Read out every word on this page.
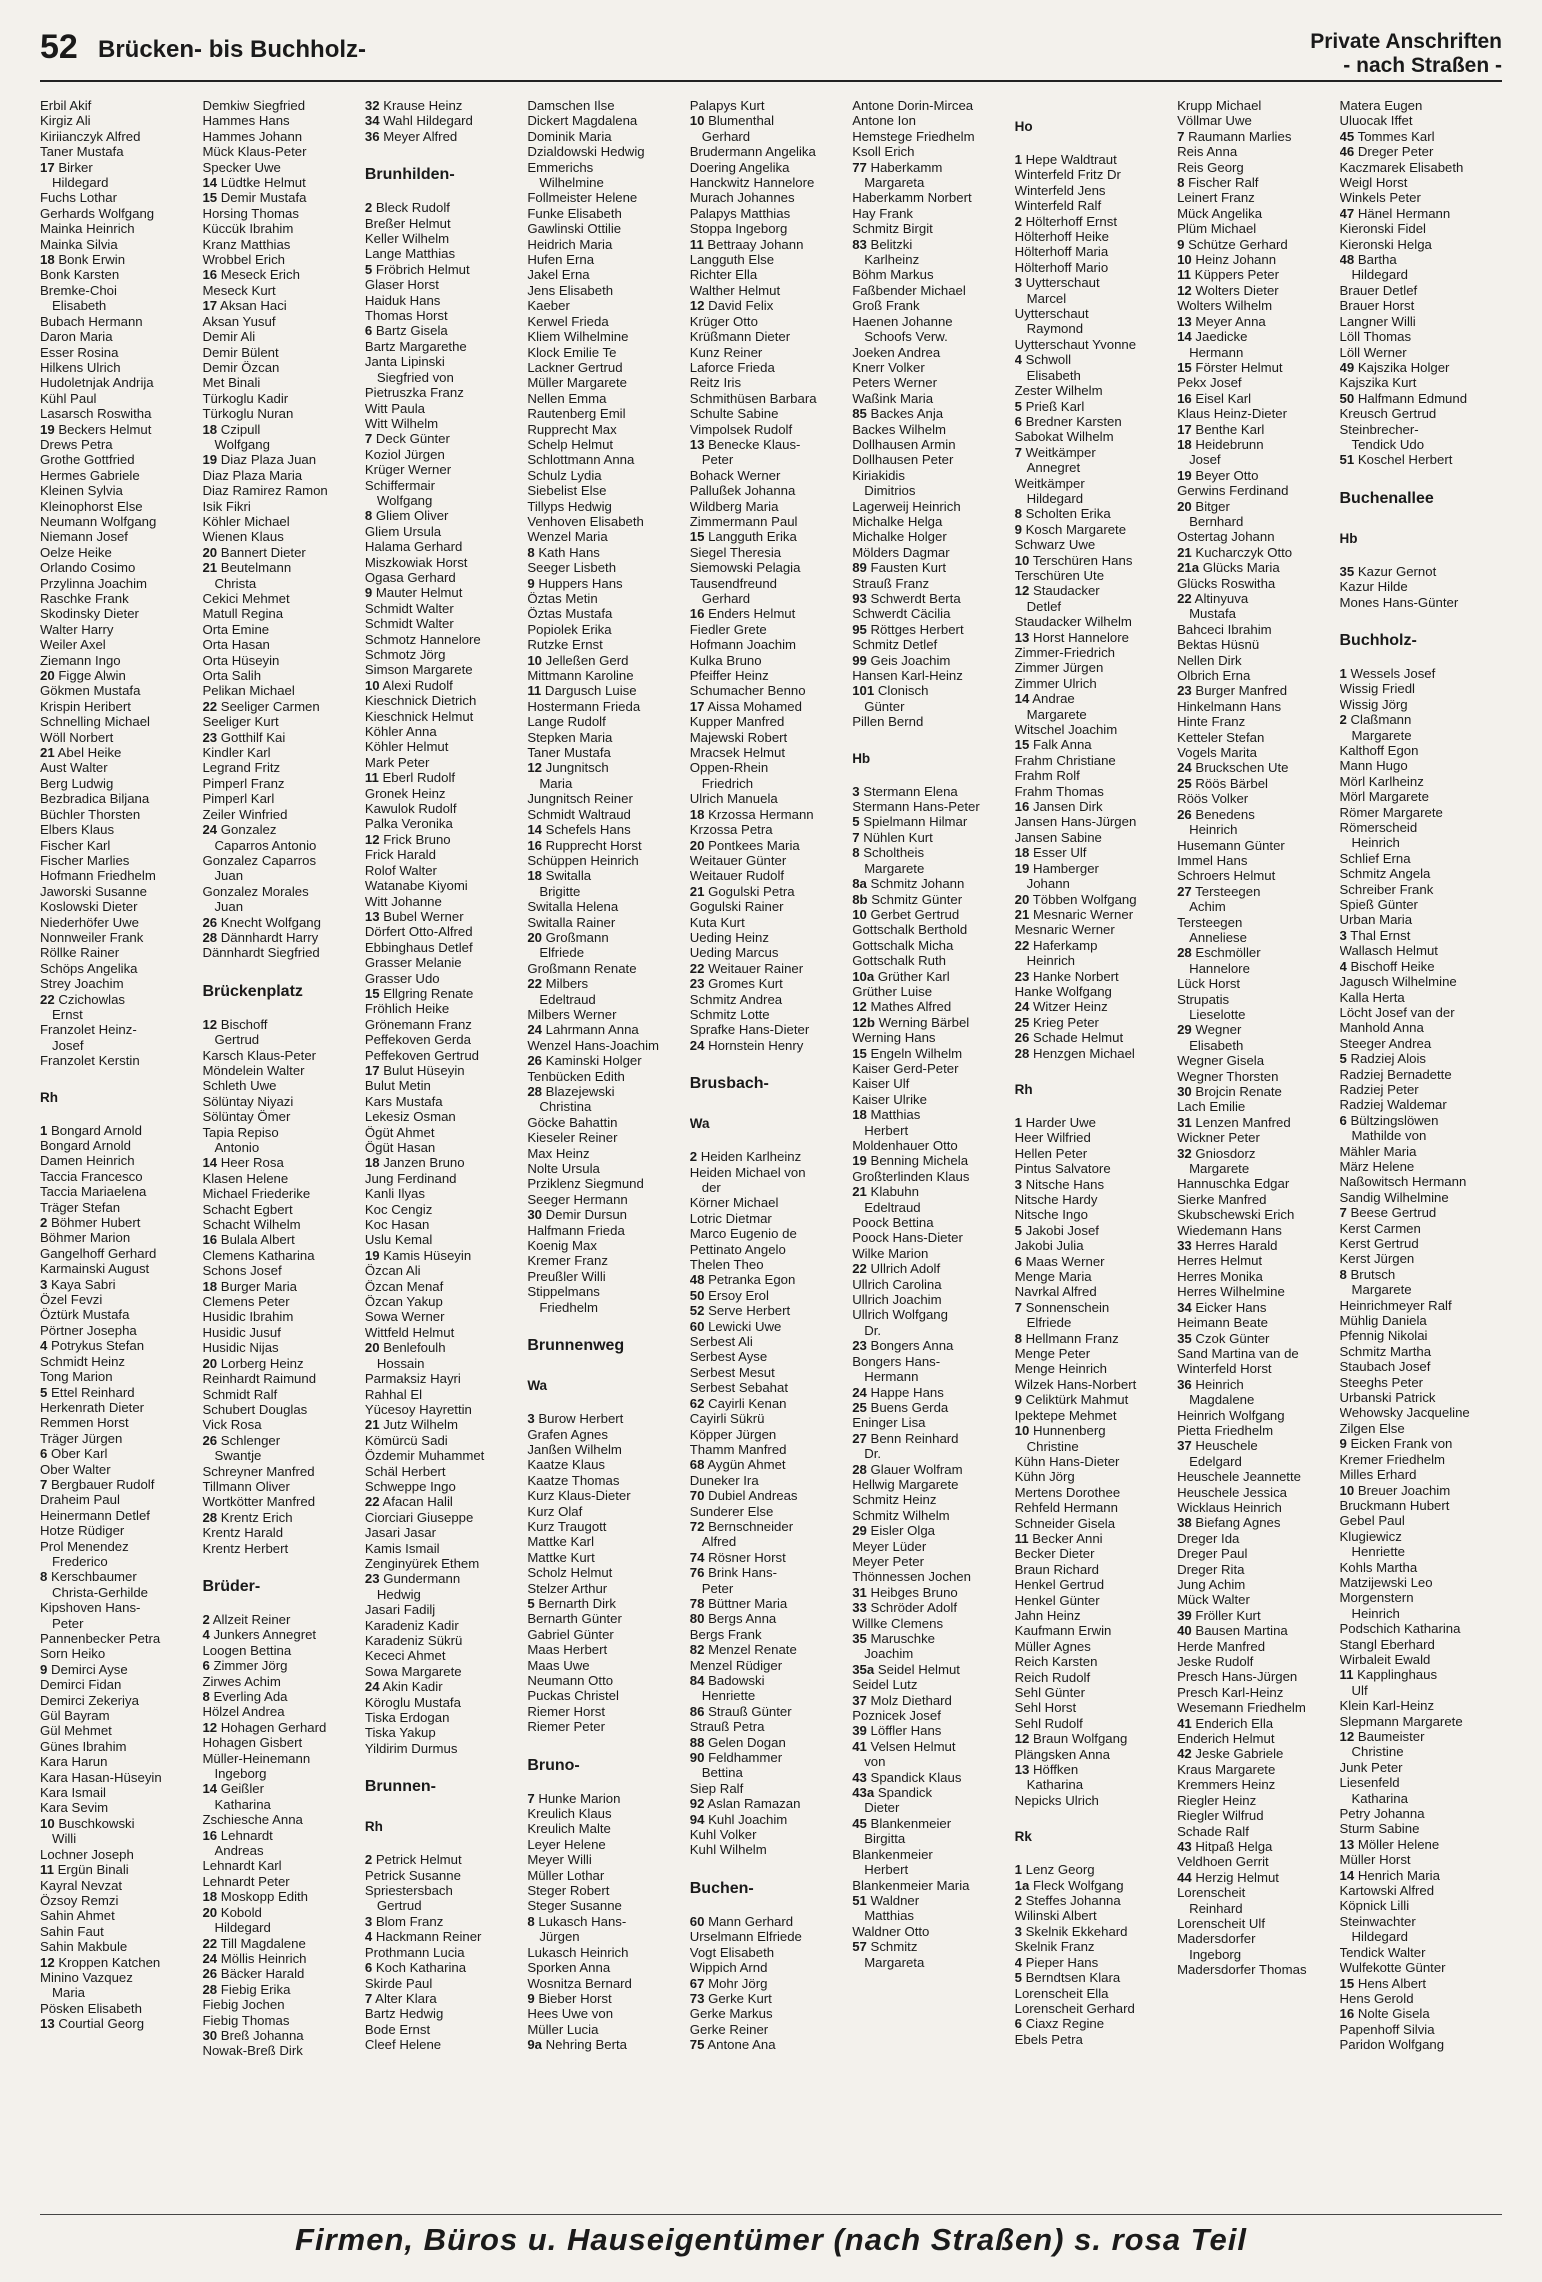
52 Brücken- bis Buchholz-	Private Anschriften
- nach Straßen -
Erbil Akif
Kirgiz Ali
Kiriianczyk Alfred
Taner Mustafa
17 Birker
Hildegard
Fuchs Lothar
Gerhards Wolfgang
Mainka Heinrich
Mainka Silvia
18 Bonk Erwin
Bonk Karsten
Bremke-Choi
Elisabeth
Bubach Hermann
Daron Maria
Esser Rosina
Hilkens Ulrich
Hudoletnjak Andrija
Kühl Paul
Lasarsch Roswitha
19 Beckers Helmut
Drews Petra
Grothe Gottfried
Hermes Gabriele
Kleinen Sylvia
Kleinophorst Else
Neumann Wolfgang
Niemann Josef
Oelze Heike
Orlando Cosimo
Przylinna Joachim
Raschke Frank
Skodinsky Dieter
Walter Harry
Weiler Axel
Ziemann Ingo
20 Figge Alwin
Gökmen Mustafa
Krispin Heribert
Schnelling Michael
Wöll Norbert
21 Abel Heike
Aust Walter
Berg Ludwig
Bezbradica Biljana
Büchler Thorsten
Elbers Klaus
Fischer Karl
Fischer Marlies
Hofmann Friedhelm
Jaworski Susanne
Koslowski Dieter
Niederhöfer Uwe
Nonnweiler Frank
Röllke Rainer
Schöps Angelika
Strey Joachim
22 Czichowlas
Ernst
Franzolet Heinz-
Josef
Franzolet Kerstin
Rh
1 Bongard Arnold
Bongard Arnold
Damen Heinrich
Taccia Francesco
Taccia Mariaelena
Träger Stefan
2 Böhmer Hubert
Böhmer Marion
Gangelhoff Gerhard
Karmainski August
3 Kaya Sabri
Özel Fevzi
Öztürk Mustafa
Pörtner Josepha
4 Potrykus Stefan
Schmidt Heinz
Tong Marion
5 Ettel Reinhard
Herkenrath Dieter
Remmen Horst
Träger Jürgen
6 Ober Karl
Ober Walter
7 Bergbauer Rudolf
Draheim Paul
Heinermann Detlef
Hotze Rüdiger
Prol Menendez
Frederico
8 Kerschbaumer
Christa-Gerhilde
Kipshoven Hans-
Peter
Pannenbecker Petra
Sorn Heiko
9 Demirci Ayse
Demirci Fidan
Demirci Zekeriya
Gül Bayram
Gül Mehmet
Günes Ibrahim
Kara Harun
Kara Hasan-Hüseyin
Kara Ismail
Kara Sevim
10 Buschkowski
Willi
Lochner Joseph
11 Ergün Binali
Kayral Nevzat
Özsoy Remzi
Sahin Ahmet
Sahin Faut
Sahin Makbule
12 Kroppen Katchen
Minino Vazquez
Maria
Pösken Elisabeth
13 Courtial Georg
Demkiw Siegfried
Hammes Hans
Hammes Johann
Mück Klaus-Peter
Specker Uwe
14 Lüdtke Helmut
15 Demir Mustafa
Horsing Thomas
Küccük Ibrahim
Kranz Matthias
Wrobbel Erich
16 Meseck Erich
Meseck Kurt
17 Aksan Haci
Aksan Yusuf
Demir Ali
Demir Bülent
Demir Özcan
Met Binali
Türkoglu Kadir
Türkoglu Nuran
18 Czipull
Wolfgang
19 Diaz Plaza Juan
Diaz Plaza Maria
Diaz Ramirez Ramon
Isik Fikri
Köhler Michael
Wienen Klaus
20 Bannert Dieter
21 Beutelmann
Christa
Cekici Mehmet
Matull Regina
Orta Emine
Orta Hasan
Orta Hüseyin
Orta Salih
Pelikan Michael
22 Seeliger Carmen
Seeliger Kurt
23 Gotthilf Kai
Kindler Karl
Legrand Fritz
Pimperl Franz
Pimperl Karl
Zeiler Winfried
24 Gonzalez
Caparros Antonio
Gonzalez Caparros
Juan
Gonzalez Morales
Juan
26 Knecht Wolfgang
28 Dännhardt Harry
Dännhardt Siegfried
Brückenplatz
12 Bischoff
Gertrud
Karsch Klaus-Peter
Möndelein Walter
Schleth Uwe
Sölüntay Niyazi
Sölüntay Ömer
Tapia Repiso
Antonio
14 Heer Rosa
Klasen Helene
Michael Friederike
Schacht Egbert
Schacht Wilhelm
16 Bulala Albert
Clemens Katharina
Schons Josef
18 Burger Maria
Clemens Peter
Husidic Ibrahim
Husidic Jusuf
Husidic Nijas
20 Lorberg Heinz
Reinhardt Raimund
Schmidt Ralf
Schubert Douglas
Vick Rosa
26 Schlenger
Swantje
Schreyner Manfred
Tillmann Oliver
Wortkötter Manfred
28 Krentz Erich
Krentz Harald
Krentz Herbert
Brüder-
2 Allzeit Reiner
4 Junkers Annegret
Loogen Bettina
6 Zimmer Jörg
Zirwes Achim
8 Everling Ada
Hölzel Andrea
12 Hohagen Gerhard
Hohagen Gisbert
Müller-Heinemann
Ingeborg
14 Geißler
Katharina
Zschiesche Anna
16 Lehnardt
Andreas
Lehnardt Karl
Lehnardt Peter
18 Moskopp Edith
20 Kobold
Hildegard
22 Till Magdalene
24 Möllis Heinrich
26 Bäcker Harald
28 Fiebig Erika
Fiebig Jochen
Fiebig Thomas
30 Breß Johanna
Nowak-Breß Dirk
32 Krause Heinz
34 Wahl Hildegard
36 Meyer Alfred
Brunhilden-
2 Bleck Rudolf
Breßer Helmut
Keller Wilhelm
Lange Matthias
5 Fröbrich Helmut
Glaser Horst
Haiduk Hans
Thomas Horst
6 Bartz Gisela
Bartz Margarethe
Janta Lipinski
Siegfried von
Pietruszka Franz
Witt Paula
Witt Wilhelm
7 Deck Günter
Koziol Jürgen
Krüger Werner
Schiffermair
Wolfgang
8 Gliem Oliver
Gliem Ursula
Halama Gerhard
Miszkowiak Horst
Ogasa Gerhard
9 Mauter Helmut
Schmidt Walter
Schmidt Walter
Schmotz Hannelore
Schmotz Jörg
Simson Margarete
10 Alexi Rudolf
Kieschnick Dietrich
Kieschnick Helmut
Köhler Anna
Köhler Helmut
Mark Peter
11 Eberl Rudolf
Gronek Heinz
Kawulok Rudolf
Palka Veronika
12 Frick Bruno
Frick Harald
Rolof Walter
Watanabe Kiyomi
Witt Johanne
13 Bubel Werner
Dörfert Otto-Alfred
Ebbinghaus Detlef
Grasser Melanie
Grasser Udo
15 Ellgring Renate
Fröhlich Heike
Grönemann Franz
Peffekoven Gerda
Peffekoven Gertrud
17 Bulut Hüseyin
Bulut Metin
Kars Mustafa
Lekesiz Osman
Ögüt Ahmet
Ögüt Hasan
18 Janzen Bruno
Jung Ferdinand
Kanli Ilyas
Koc Cengiz
Koc Hasan
Uslu Kemal
19 Kamis Hüseyin
Özcan Ali
Özcan Menaf
Özcan Yakup
Sowa Werner
Wittfeld Helmut
20 Benlefoulh
Hossain
Parmaksiz Hayri
Rahhal El
Yücesoy Hayrettin
21 Jutz Wilhelm
Kömürcü Sadi
Özdemir Muhammet
Schäl Herbert
Schweppe Ingo
22 Afacan Halil
Ciorciari Giuseppe
Jasari Jasar
Kamis Ismail
Zenginyürek Ethem
23 Gundermann
Hedwig
Jasari Fadilj
Karadeniz Kadir
Karadeniz Sükrü
Kececi Ahmet
Sowa Margarete
24 Akin Kadir
Köroglu Mustafa
Tiska Erdogan
Tiska Yakup
Yildirim Durmus
Brunnen-
Rh
2 Petrick Helmut
Petrick Susanne
Spriestersbach
Gertrud
3 Blom Franz
4 Hackmann Reiner
Prothmann Lucia
6 Koch Katharina
Skirde Paul
7 Alter Klara
Bartz Hedwig
Bode Ernst
Cleef Helene
Damschen Ilse
Dickert Magdalena
Dominik Maria
Dzialdowski Hedwig
Emmerichs
Wilhelmine
Follmeister Helene
Funke Elisabeth
Gawlinski Ottilie
Heidrich Maria
Hufen Erna
Jakel Erna
Jens Elisabeth
Kaeber
Kerwel Frieda
Kliem Wilhelmine
Klock Emilie Te
Lackner Gertrud
Müller Margarete
Nellen Emma
Rautenberg Emil
Rupprecht Max
Schelp Helmut
Schlottmann Anna
Schulz Lydia
Siebelist Else
Tillyps Hedwig
Venhoven Elisabeth
Wenzel Maria
8 Kath Hans
Seeger Lisbeth
9 Huppers Hans
Öztas Metin
Öztas Mustafa
Popiolek Erika
Rutzke Ernst
10 Jelleßen Gerd
Mittmann Karoline
11 Dargusch Luise
Hostermann Frieda
Lange Rudolf
Stepken Maria
Taner Mustafa
12 Jungnitsch
Maria
Jungnitsch Reiner
Schmidt Waltraud
14 Schefels Hans
16 Rupprecht Horst
Schüppen Heinrich
18 Switalla
Brigitte
Switalla Helena
Switalla Rainer
20 Großmann
Elfriede
Großmann Renate
22 Milbers
Edeltraud
Milbers Werner
24 Lahrmann Anna
Wenzel Hans-Joachim
26 Kaminski Holger
Tenbücken Edith
28 Blazejewski
Christina
Göcke Bahattin
Kieseler Reiner
Max Heinz
Nolte Ursula
Prziklenz Siegmund
Seeger Hermann
30 Demir Dursun
Halfmann Frieda
Koenig Max
Kremer Franz
Preußler Willi
Stippelmans
Friedhelm
Brunnenweg
Wa
3 Burow Herbert
Grafen Agnes
Janßen Wilhelm
Kaatze Klaus
Kaatze Thomas
Kurz Klaus-Dieter
Kurz Olaf
Kurz Traugott
Mattke Karl
Mattke Kurt
Scholz Helmut
Stelzer Arthur
5 Bernarth Dirk
Bernarth Günter
Gabriel Günter
Maas Herbert
Maas Uwe
Neumann Otto
Puckas Christel
Riemer Horst
Riemer Peter
Bruno-
7 Hunke Marion
Kreulich Klaus
Kreulich Malte
Leyer Helene
Meyer Willi
Müller Lothar
Steger Robert
Steger Susanne
8 Lukasch Hans-
Jürgen
Lukasch Heinrich
Sporken Anna
Wosnitza Bernard
9 Bieber Horst
Hees Uwe von
Müller Lucia
9a Nehring Berta
Palapys Kurt
10 Blumenthal
Gerhard
Brudermann Angelika
Doering Angelika
Hanckwitz Hannelore
Murach Johannes
Palapys Matthias
Stoppa Ingeborg
11 Bettraay Johann
Langguth Else
Richter Ella
Walther Helmut
12 David Felix
Krüger Otto
Krüßmann Dieter
Kunz Reiner
Laforce Frieda
Reitz Iris
Schmithüsen Barbara
Schulte Sabine
Vimpolsek Rudolf
13 Benecke Klaus-
Peter
Bohack Werner
Pallußek Johanna
Wildberg Maria
Zimmermann Paul
15 Langguth Erika
Siegel Theresia
Siemowski Pelagia
Tausendfreund
Gerhard
16 Enders Helmut
Fiedler Grete
Hofmann Joachim
Kulka Bruno
Pfeiffer Heinz
Schumacher Benno
17 Aissa Mohamed
Kupper Manfred
Majewski Robert
Mracsek Helmut
Oppen-Rhein
Friedrich
Ulrich Manuela
18 Krzossa Hermann
Krzossa Petra
20 Pontkees Maria
Weitauer Günter
Weitauer Rudolf
21 Gogulski Petra
Gogulski Rainer
Kuta Kurt
Ueding Heinz
Ueding Marcus
22 Weitauer Rainer
23 Gromes Kurt
Schmitz Andrea
Schmitz Lotte
Sprafke Hans-Dieter
24 Hornstein Henry
Brusbach-
Wa
2 Heiden Karlheinz
Heiden Michael von
der
Körner Michael
Lotric Dietmar
Marco Eugenio de
Pettinato Angelo
Thelen Theo
48 Petranka Egon
50 Ersoy Erol
52 Serve Herbert
60 Lewicki Uwe
Serbest Ali
Serbest Ayse
Serbest Mesut
Serbest Sebahat
62 Cayirli Kenan
Cayirli Sükrü
Köpper Jürgen
Thamm Manfred
68 Aygün Ahmet
Duneker Ira
70 Dubiel Andreas
Sunderer Else
72 Bernschneider
Alfred
74 Rösner Horst
76 Brink Hans-
Peter
78 Büttner Maria
80 Bergs Anna
Bergs Frank
82 Menzel Renate
Menzel Rüdiger
84 Badowski
Henriette
86 Strauß Günter
Strauß Petra
88 Gelen Dogan
90 Feldhammer
Bettina
Siep Ralf
92 Aslan Ramazan
94 Kuhl Joachim
Kuhl Volker
Kuhl Wilhelm
Buchen-
60 Mann Gerhard
Urselmann Elfriede
Vogt Elisabeth
Wippich Arnd
67 Mohr Jörg
73 Gerke Kurt
Gerke Markus
Gerke Reiner
75 Antone Ana
Antone Dorin-Mircea
Antone Ion
Hemstege Friedhelm
Ksoll Erich
77 Haberkamm
Margareta
Haberkamm Norbert
Hay Frank
Schmitz Birgit
83 Belitzki
Karlheinz
Böhm Markus
Faßbender Michael
Groß Frank
Haenen Johanne
Schoofs Verw.
Joeken Andrea
Knerr Volker
Peters Werner
Waßink Maria
85 Backes Anja
Backes Wilhelm
Dollhausen Armin
Dollhausen Peter
Kiriakidis
Dimitrios
Lagerweij Heinrich
Michalke Helga
Michalke Holger
Mölders Dagmar
89 Fausten Kurt
Strauß Franz
93 Schwerdt Berta
Schwerdt Cäcilia
95 Röttges Herbert
Schmitz Detlef
99 Geis Joachim
Hansen Karl-Heinz
101 Clonisch
Günter
Pillen Bernd
Hb
3 Stermann Elena
Stermann Hans-Peter
5 Spielmann Hilmar
7 Nühlen Kurt
8 Scholtheis
Margarete
8a Schmitz Johann
8b Schmitz Günter
10 Gerbet Gertrud
Gottschalk Berthold
Gottschalk Micha
Gottschalk Ruth
10a Grüther Karl
Grüther Luise
12 Mathes Alfred
12b Werning Bärbel
Werning Hans
15 Engeln Wilhelm
Kaiser Gerd-Peter
Kaiser Ulf
Kaiser Ulrike
18 Matthias
Herbert
Moldenhauer Otto
19 Benning Michela
Großterlinden Klaus
21 Klabuhn
Edeltraud
Poock Bettina
Poock Hans-Dieter
Wilke Marion
22 Ullrich Adolf
Ullrich Carolina
Ullrich Joachim
Ullrich Wolfgang
Dr.
23 Bongers Anna
Bongers Hans-
Hermann
24 Happe Hans
25 Buens Gerda
Eninger Lisa
27 Benn Reinhard
Dr.
28 Glauer Wolfram
Hellwig Margarete
Schmitz Heinz
Schmitz Wilhelm
29 Eisler Olga
Meyer Lüder
Meyer Peter
Thönnessen Jochen
31 Heibges Bruno
33 Schröder Adolf
Willke Clemens
35 Maruschke
Joachim
35a Seidel Helmut
Seidel Lutz
37 Molz Diethard
Poznicek Josef
39 Löffler Hans
41 Velsen Helmut
von
43 Spandick Klaus
43a Spandick
Dieter
45 Blankenmeier
Birgitta
Blankenmeier
Herbert
Blankenmeier Maria
51 Waldner
Matthias
Waldner Otto
57 Schmitz
Margareta
Ho
1 Hepe Waldtraut
Winterfeld Fritz Dr
Winterfeld Jens
Winterfeld Ralf
2 Hölterhoff Ernst
Hölterhoff Heike
Hölterhoff Maria
Hölterhoff Mario
3 Uytterschaut
Marcel
Uytterschaut
Raymond
Uytterschaut Yvonne
4 Schwoll
Elisabeth
Zester Wilhelm
5 Prieß Karl
6 Bredner Karsten
Sabokat Wilhelm
7 Weitkämper
Annegret
Weitkämper
Hildegard
8 Scholten Erika
9 Kosch Margarete
Schwarz Uwe
10 Terschüren Hans
Terschüren Ute
12 Staudacker
Detlef
Staudacker Wilhelm
13 Horst Hannelore
Zimmer-Friedrich
Zimmer Jürgen
Zimmer Ulrich
14 Andrae
Margarete
Witschel Joachim
15 Falk Anna
Frahm Christiane
Frahm Rolf
Frahm Thomas
16 Jansen Dirk
Jansen Hans-Jürgen
Jansen Sabine
18 Esser Ulf
19 Hamberger
Johann
20 Többen Wolfgang
21 Mesnaric Werner
Mesnaric Werner
22 Haferkamp
Heinrich
23 Hanke Norbert
Hanke Wolfgang
24 Witzer Heinz
25 Krieg Peter
26 Schade Helmut
28 Henzgen Michael
Rh
1 Harder Uwe
Heer Wilfried
Hellen Peter
Pintus Salvatore
3 Nitsche Hans
Nitsche Hardy
Nitsche Ingo
5 Jakobi Josef
Jakobi Julia
6 Maas Werner
Menge Maria
Navrkal Alfred
7 Sonnenschein
Elfriede
8 Hellmann Franz
Menge Peter
Menge Heinrich
Wilzek Hans-Norbert
9 Celiktürk Mahmut
Ipektepe Mehmet
10 Hunnenberg
Christine
Kühn Hans-Dieter
Kühn Jörg
Mertens Dorothee
Rehfeld Hermann
Schneider Gisela
11 Becker Anni
Becker Dieter
Braun Richard
Henkel Gertrud
Henkel Günter
Jahn Heinz
Kaufmann Erwin
Müller Agnes
Reich Karsten
Reich Rudolf
Sehl Günter
Sehl Horst
Sehl Rudolf
12 Braun Wolfgang
Plängsken Anna
13 Höffken
Katharina
Nepicks Ulrich
Rk
1 Lenz Georg
1a Fleck Wolfgang
2 Steffes Johanna
Wilinski Albert
3 Skelnik Ekkehard
Skelnik Franz
4 Pieper Hans
5 Berndtsen Klara
Lorenscheit Ella
Lorenscheit Gerhard
6 Ciaxz Regine
Ebels Petra
Krupp Michael
Völlmar Uwe
7 Raumann Marlies
Reis Anna
Reis Georg
8 Fischer Ralf
Leinert Franz
Mück Angelika
Plüm Michael
9 Schütze Gerhard
10 Heinz Johann
11 Küppers Peter
12 Wolters Dieter
Wolters Wilhelm
13 Meyer Anna
14 Jaedicke
Hermann
15 Förster Helmut
Pekx Josef
16 Eisel Karl
Klaus Heinz-Dieter
17 Benthe Karl
18 Heidebrunn
Josef
19 Beyer Otto
Gerwins Ferdinand
20 Bitger
Bernhard
Ostertag Johann
21 Kucharczyk Otto
21a Glücks Maria
Glücks Roswitha
22 Altinyuva
Mustafa
Bahceci Ibrahim
Bektas Hüsnü
Nellen Dirk
Olbrich Erna
23 Burger Manfred
Hinkelmann Hans
Hinte Franz
Ketteler Stefan
Vogels Marita
24 Bruckschen Ute
25 Röös Bärbel
Röös Volker
26 Benedens
Heinrich
Husemann Günter
Immel Hans
Schroers Helmut
27 Tersteegen
Achim
Tersteegen
Anneliese
28 Eschmöller
Hannelore
Lück Horst
Strupatis
Lieselotte
29 Wegner
Elisabeth
Wegner Gisela
Wegner Thorsten
30 Brojcin Renate
Lach Emilie
31 Lenzen Manfred
Wickner Peter
32 Gniosdorz
Margarete
Hannuschka Edgar
Sierke Manfred
Skubschewski Erich
Wiedemann Hans
33 Herres Harald
Herres Helmut
Herres Monika
Herres Wilhelmine
34 Eicker Hans
Heimann Beate
35 Czok Günter
Sand Martina van de
Winterfeld Horst
36 Heinrich
Magdalene
Heinrich Wolfgang
Pietta Friedhelm
37 Heuschele
Edelgard
Heuschele Jeannette
Heuschele Jessica
Wicklaus Heinrich
38 Biefang Agnes
Dreger Ida
Dreger Paul
Dreger Rita
Jung Achim
Mück Walter
39 Fröller Kurt
40 Bausen Martina
Herde Manfred
Jeske Rudolf
Presch Hans-Jürgen
Presch Karl-Heinz
Wesemann Friedhelm
41 Enderich Ella
Enderich Helmut
42 Jeske Gabriele
Kraus Margarete
Kremmers Heinz
Riegler Heinz
Riegler Wilfrud
Schade Ralf
43 Hitpaß Helga
Veldhoen Gerrit
44 Herzig Helmut
Lorenscheit
Reinhard
Lorenscheit Ulf
Madersdorfer
Ingeborg
Madersdorfer Thomas
Matera Eugen
Uluocak Iffet
45 Tommes Karl
46 Dreger Peter
Kaczmarek Elisabeth
Weigl Horst
Winkels Peter
47 Hänel Hermann
Kieronski Fidel
Kieronski Helga
48 Bartha
Hildegard
Brauer Detlef
Brauer Horst
Langner Willi
Löll Thomas
Löll Werner
49 Kajszika Holger
Kajszika Kurt
50 Halfmann Edmund
Kreusch Gertrud
Steinbrecher-
Tendick Udo
51 Koschel Herbert
Buchenallee
Hb
35 Kazur Gernot
Kazur Hilde
Mones Hans-Günter
Buchholz-
1 Wessels Josef
Wissig Friedl
Wissig Jörg
2 Claßmann
Margarete
Kalthoff Egon
Mann Hugo
Mörl Karlheinz
Mörl Margarete
Römer Margarete
Römerscheid
Heinrich
Schlief Erna
Schmitz Angela
Schreiber Frank
Spieß Günter
Urban Maria
3 Thal Ernst
Wallasch Helmut
4 Bischoff Heike
Jagusch Wilhelmine
Kalla Herta
Löcht Josef van der
Manhold Anna
Steeger Andrea
5 Radziej Alois
Radziej Bernadette
Radziej Peter
Radziej Waldemar
6 Bültzingslöwen
Mathilde von
Mähler Maria
März Helene
Naßowitsch Hermann
Sandig Wilhelmine
7 Beese Gertrud
Kerst Carmen
Kerst Gertrud
Kerst Jürgen
8 Brutsch
Margarete
Heinrichmeyer Ralf
Mühlig Daniela
Pfennig Nikolai
Schmitz Martha
Staubach Josef
Steeghs Peter
Urbanski Patrick
Wehowsky Jacqueline
Zilgen Else
9 Eicken Frank von
Kremer Friedhelm
Milles Erhard
10 Breuer Joachim
Bruckmann Hubert
Gebel Paul
Klugiewicz
Henriette
Kohls Martha
Matzijewski Leo
Morgenstern
Heinrich
Podschich Katharina
Stangl Eberhard
Wirbaleit Ewald
11 Kapplinghaus
Ulf
Klein Karl-Heinz
Slepmann Margarete
12 Baumeister
Christine
Junk Peter
Liesenfeld
Katharina
Petry Johanna
Sturm Sabine
13 Möller Helene
Müller Horst
14 Henrich Maria
Kartowski Alfred
Köpnick Lilli
Steinwachter
Hildegard
Tendick Walter
Wulfekotte Günter
15 Hens Albert
Hens Gerold
16 Nolte Gisela
Papenhoff Silvia
Paridon Wolfgang
Firmen, Büros u. Hauseigentümer (nach Straßen) s. rosa Teil
